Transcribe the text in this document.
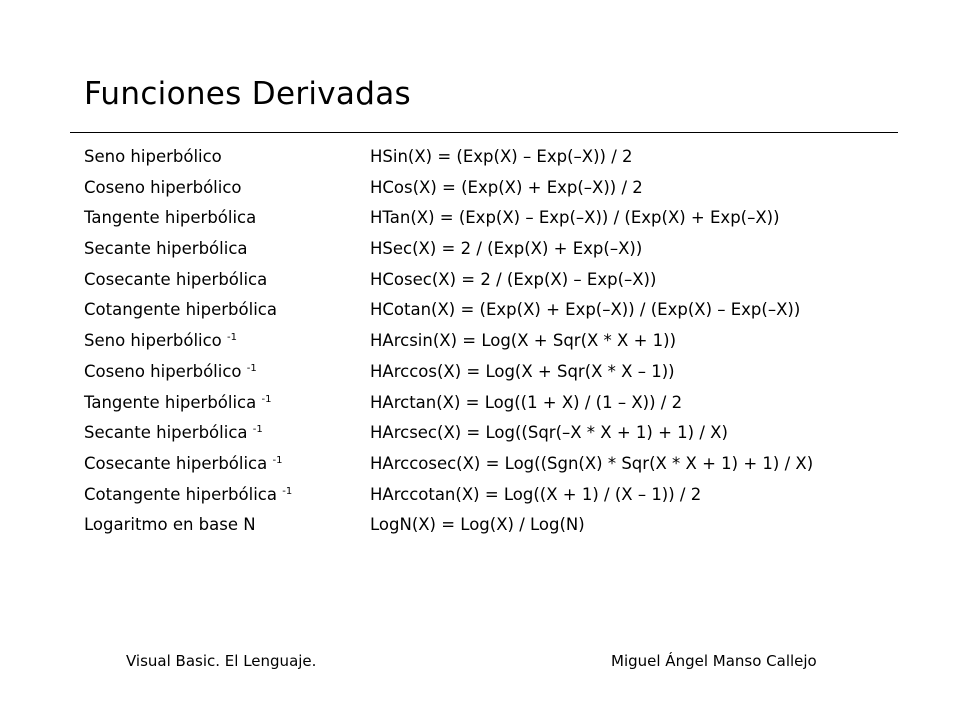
Funciones Derivadas
Seno hiperbólico	HSin(X) = (Exp(X) – Exp(–X)) / 2
Coseno hiperbólico	HCos(X) = (Exp(X) + Exp(–X)) / 2
Tangente hiperbólica	HTan(X) = (Exp(X) – Exp(–X)) / (Exp(X) + Exp(–X))
Secante hiperbólica	HSec(X) = 2 / (Exp(X) + Exp(–X))
Cosecante hiperbólica	HCosec(X) = 2 / (Exp(X) – Exp(–X))
Cotangente hiperbólica	HCotan(X) = (Exp(X) + Exp(–X)) / (Exp(X) – Exp(–X))
Seno hiperbólico $^{-1}$	HArcsin(X) = Log(X + Sqr(X * X + 1))
Coseno hiperbólico $^{-1}$	HArccos(X) = Log(X + Sqr(X * X – 1))
Tangente hiperbólica $^{-1}$	HArctan(X) = Log((1 + X) / (1 – X)) / 2
Secante hiperbólica $^{-1}$	HArcsec(X) = Log((Sqr(–X * X + 1) + 1) / X)
Cosecante hiperbólica $^{-1}$	HArccosec(X) = Log((Sgn(X) * Sqr(X * X + 1) + 1) / X)
Cotangente hiperbólica $^{-1}$	HArccotan(X) = Log((X + 1) / (X – 1)) / 2
Logaritmo en base N	LogN(X) = Log(X) / Log(N)
Visual Basic. El Lenguaje.	Miguel Ángel Manso Callejo
